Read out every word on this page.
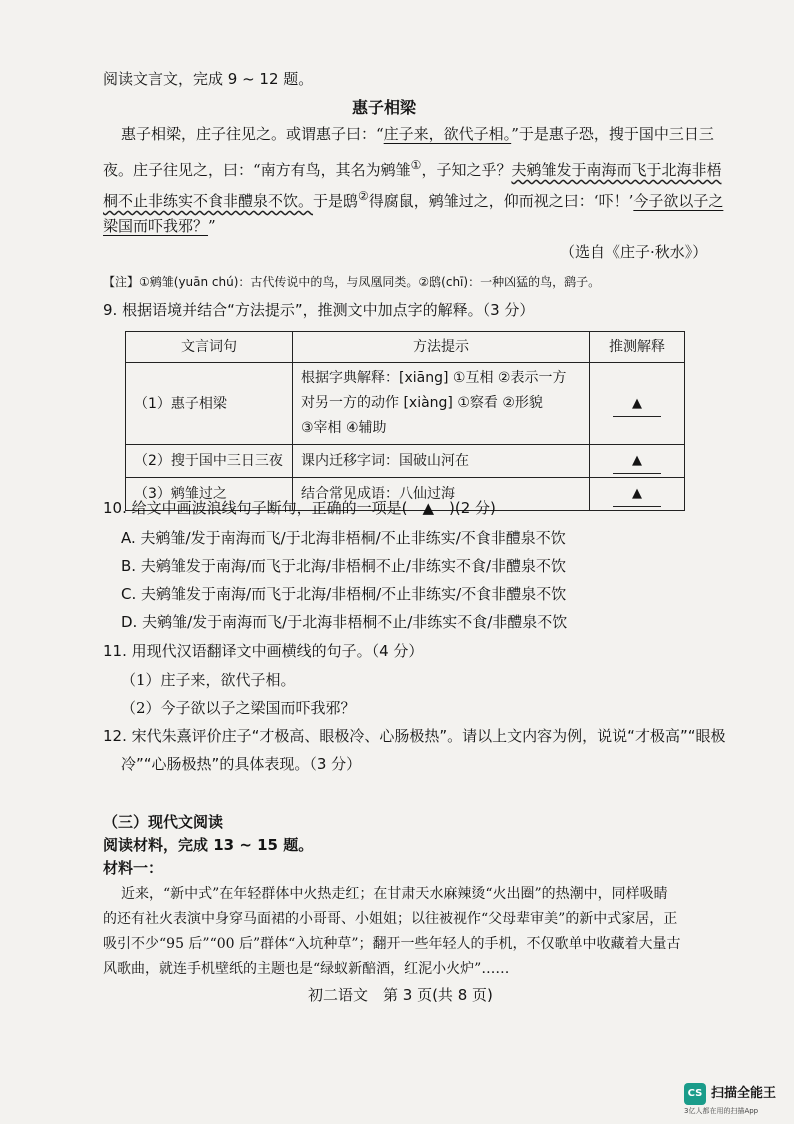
阅读文言文，完成 9 ~ 12 题。
惠子相梁
惠子相梁，庄子往见之。或谓惠子曰：“庄子来，欲代子相。”于是惠子恐，搜于国中三日三
夜。庄子往见之，曰：“南方有鸟，其名为鹓雏①，子知之乎？夫鹓雏发于南海而飞于北海非梧
桐不止非练实不食非醴泉不饮。于是鸱②得腐鼠，鹓雏过之，仰而视之曰：‘吓！’今子欲以子之
梁国而吓我邪？”
（选自《庄子·秋水》）
【注】①鹓雏(yuān chú)：古代传说中的鸟，与凤凰同类。②鸱(chī)：一种凶猛的鸟，鹞子。
9. 根据语境并结合“方法提示”，推测文中加点字的解释。（3 分）
文言词句	方法提示	推测解释
（1）惠子相梁	根据字典解释：[xiāng] ①互相 ②表示一方
对另一方的动作 [xiàng] ①察看 ②形貌
③宰相 ④辅助	▲
（2）搜于国中三日三夜	课内迁移字词：国破山河在	▲
（3）鹓雏过之	结合常见成语：八仙过海	▲
10. 给文中画波浪线句子断句，正确的一项是(　▲　)(2 分)
A. 夫鹓雏/发于南海而飞/于北海非梧桐/不止非练实/不食非醴泉不饮
B. 夫鹓雏发于南海/而飞于北海/非梧桐不止/非练实不食/非醴泉不饮
C. 夫鹓雏发于南海/而飞于北海/非梧桐/不止非练实/不食非醴泉不饮
D. 夫鹓雏/发于南海而飞/于北海非梧桐不止/非练实不食/非醴泉不饮
11. 用现代汉语翻译文中画横线的句子。（4 分）
（1）庄子来，欲代子相。
（2）今子欲以子之梁国而吓我邪？
12. 宋代朱熹评价庄子“才极高、眼极冷、心肠极热”。请以上文内容为例，说说“才极高”“眼极
冷”“心肠极热”的具体表现。（3 分）
（三）现代文阅读
阅读材料，完成 13 ~ 15 题。
材料一：
近来，“新中式”在年轻群体中火热走红；在甘肃天水麻辣烫“火出圈”的热潮中，同样吸睛
的还有社火表演中身穿马面裙的小哥哥、小姐姐；以往被视作“父母辈审美”的新中式家居，正
吸引不少“95 后”“00 后”群体“入坑种草”；翻开一些年轻人的手机，不仅歌单中收藏着大量古
风歌曲，就连手机壁纸的主题也是“绿蚁新醅酒，红泥小火炉”……
初二语文　第 3 页(共 8 页)
CS 扫描全能王
3亿人都在用的扫描App
